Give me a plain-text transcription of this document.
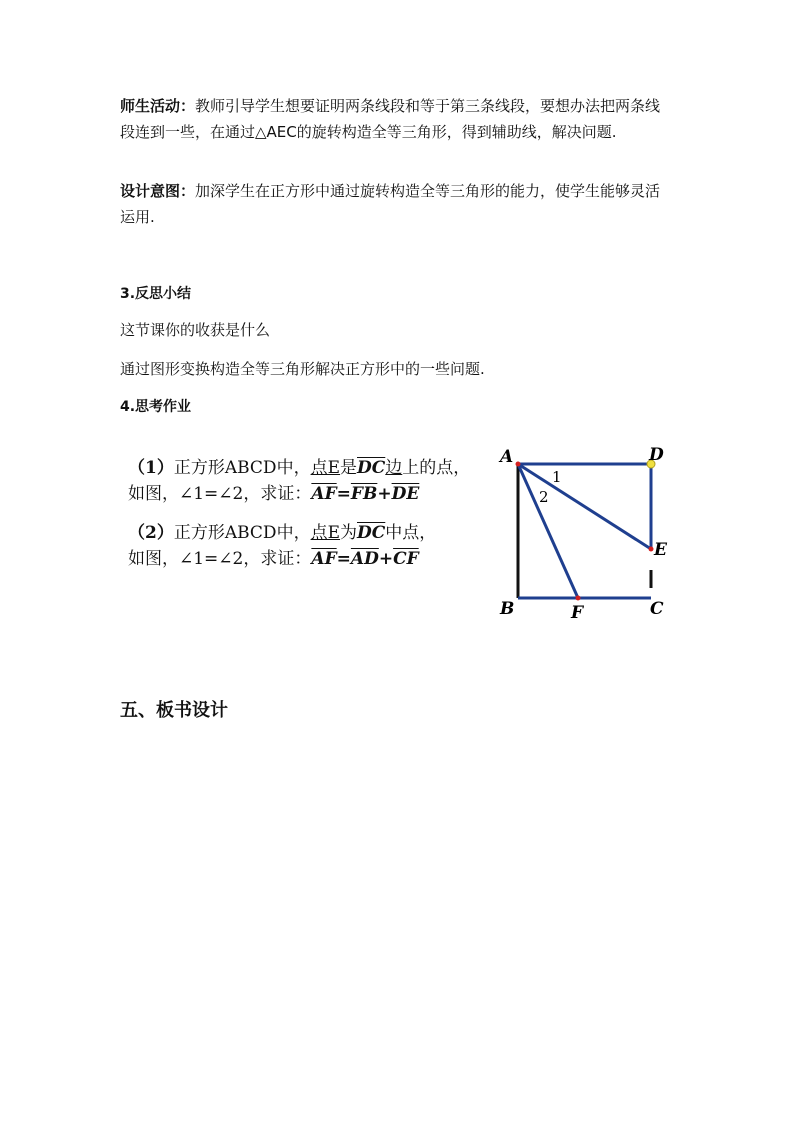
师生活动：教师引导学生想要证明两条线段和等于第三条线段，要想办法把两条线段连到一些，在通过△AEC的旋转构造全等三角形，得到辅助线，解决问题.
设计意图：加深学生在正方形中通过旋转构造全等三角形的能力，使学生能够灵活运用.
3.反思小结
这节课你的收获是什么
通过图形变换构造全等三角形解决正方形中的一些问题.
4.思考作业
（1）正方形ABCD中，点E是$\overline{DC}$边上的点，
如图，∠1=∠2，求证：$\overline{AF}=\overline{FB}+\overline{DE}$
（2）正方形ABCD中，点E为$\overline{DC}$中点，
如图，∠1=∠2，求证：$\overline{AF}=\overline{AD}+\overline{CF}$
A	D
E
B	C
F
1
2
五、板书设计
